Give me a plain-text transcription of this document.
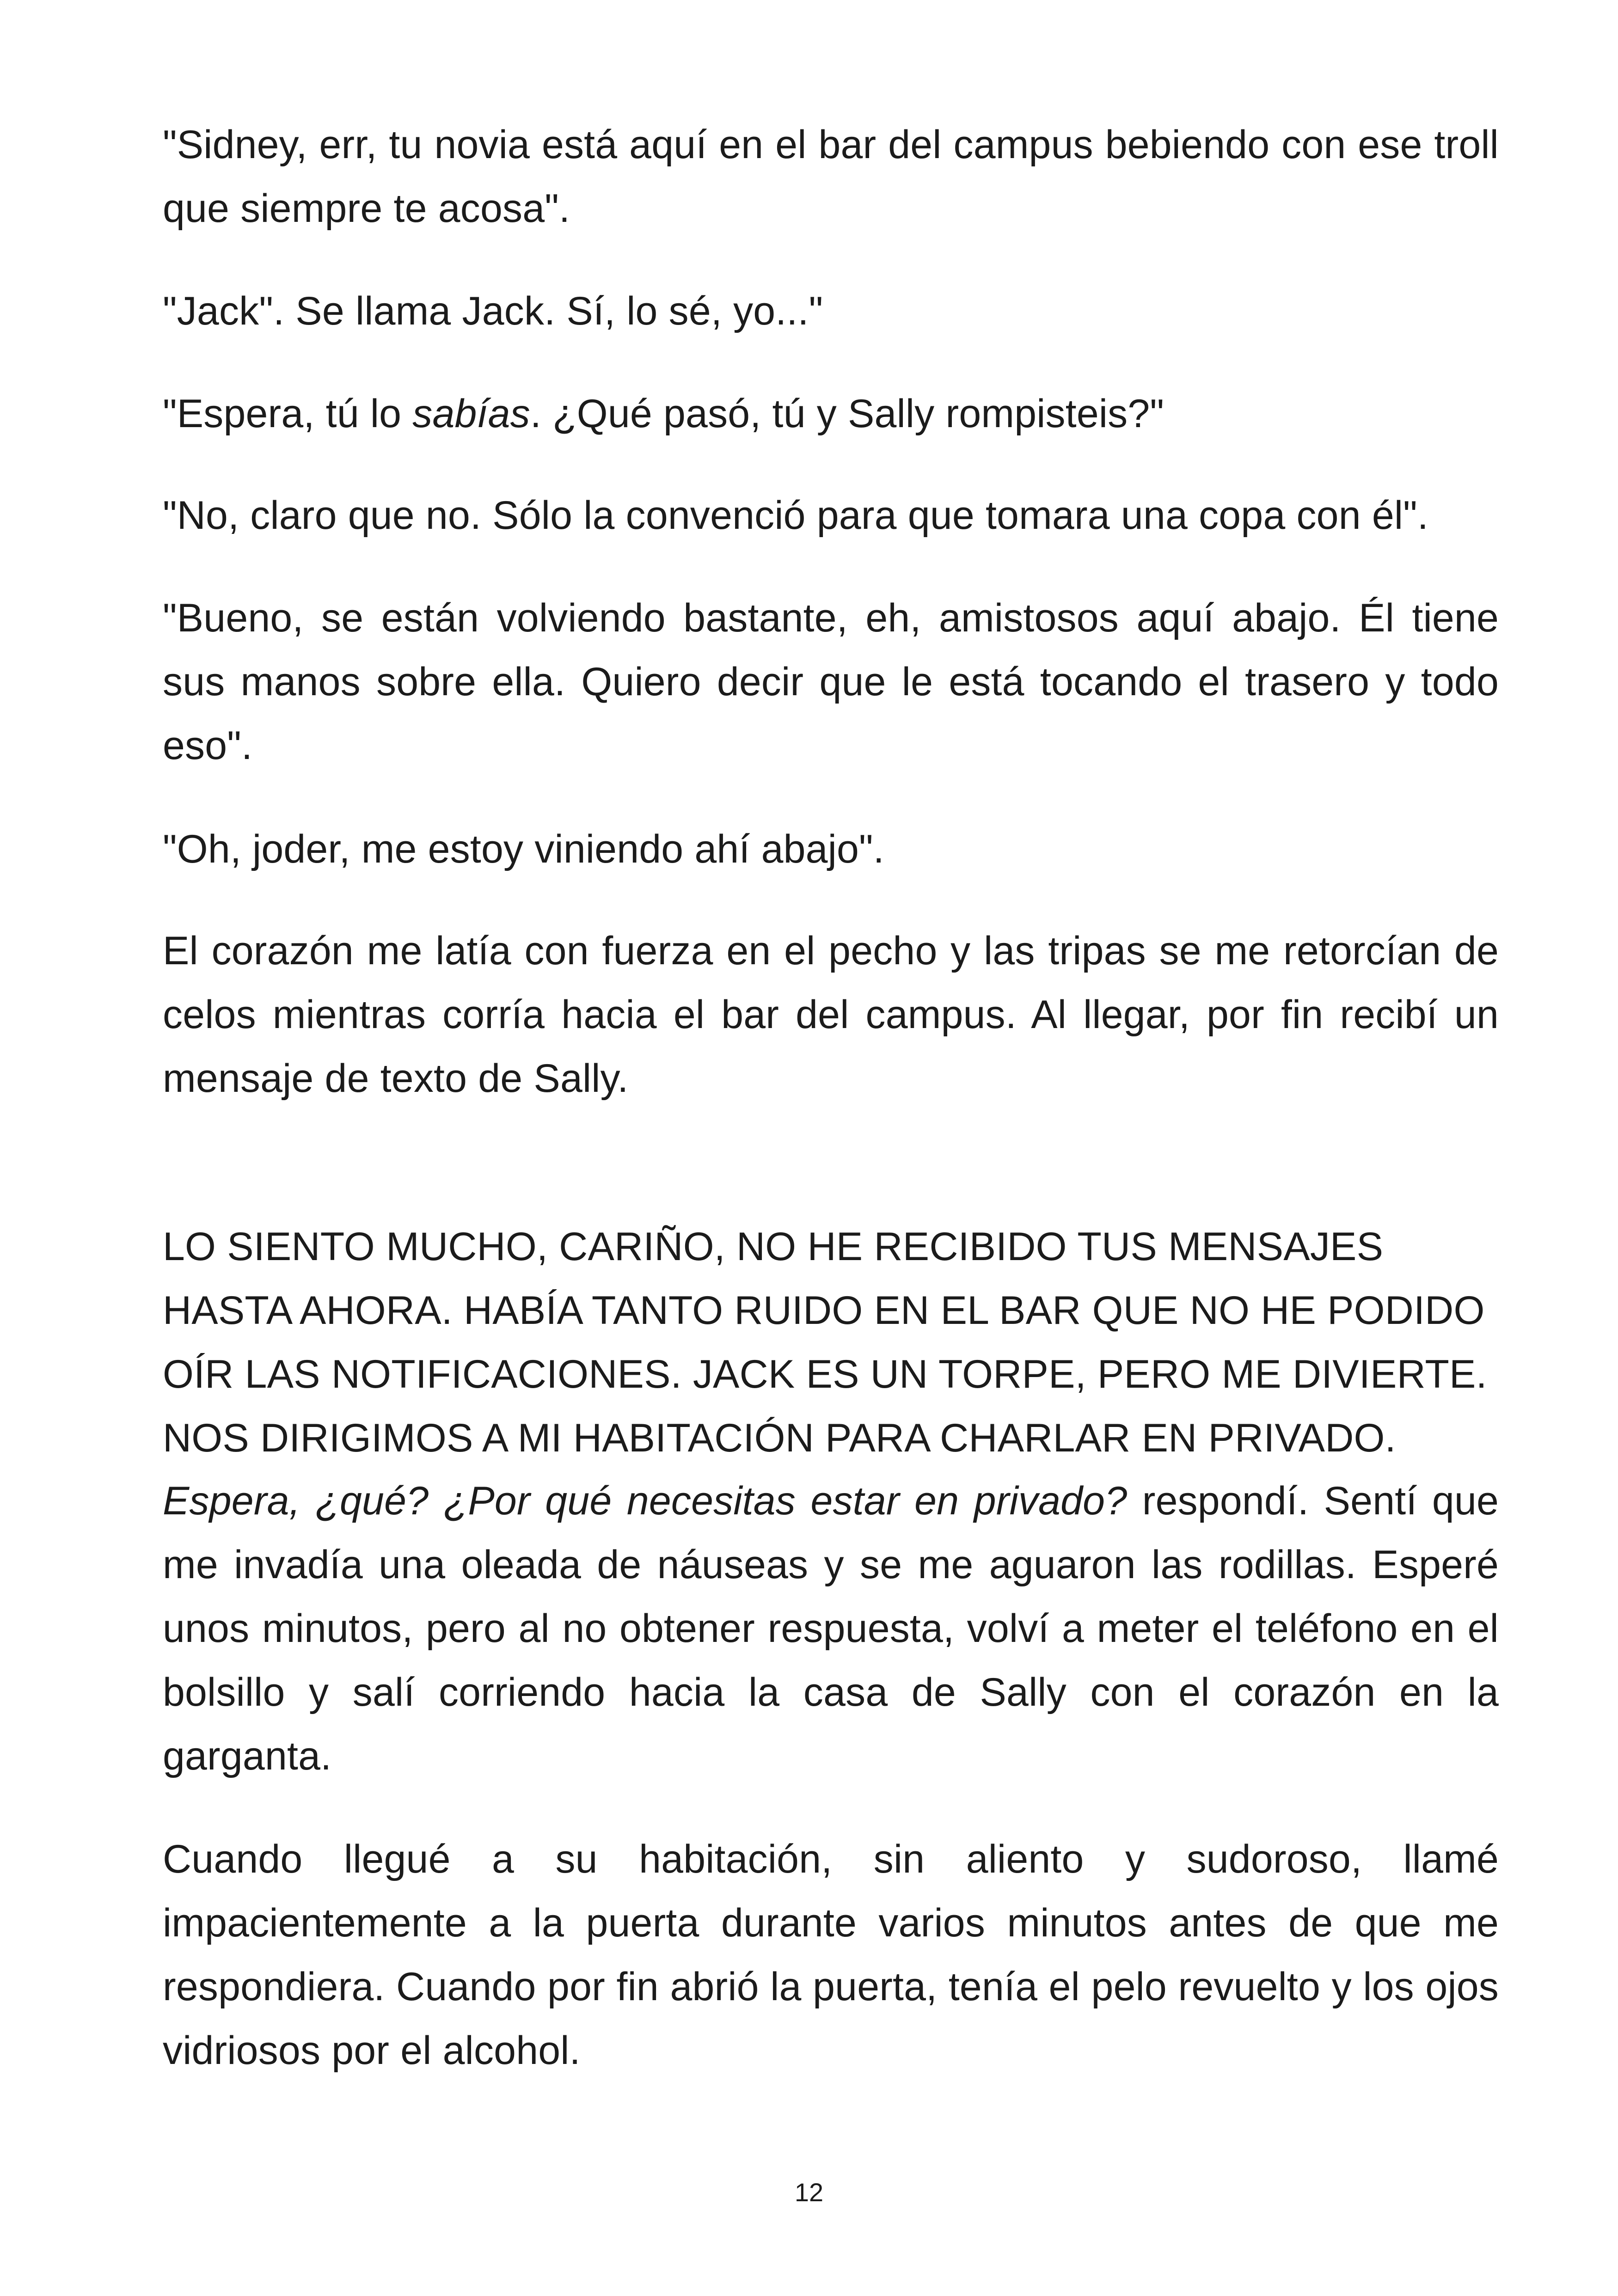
"Sidney, err, tu novia está aquí en el bar del campus bebiendo con ese troll que siempre te acosa".

"Jack". Se llama Jack. Sí, lo sé, yo..."

"Espera, tú lo sabías. ¿Qué pasó, tú y Sally rompisteis?"

"No, claro que no. Sólo la convenció para que tomara una copa con él".

"Bueno, se están volviendo bastante, eh, amistosos aquí abajo. Él tiene sus manos sobre ella. Quiero decir que le está tocando el trasero y todo eso".

"Oh, joder, me estoy viniendo ahí abajo".

El corazón me latía con fuerza en el pecho y las tripas se me retorcían de celos mientras corría hacia el bar del campus. Al llegar, por fin recibí un mensaje de texto de Sally.

LO SIENTO MUCHO, CARIÑO, NO HE RECIBIDO TUS MENSAJES HASTA AHORA. HABÍA TANTO RUIDO EN EL BAR QUE NO HE PODIDO OÍR LAS NOTIFICACIONES. JACK ES UN TORPE, PERO ME DIVIERTE. NOS DIRIGIMOS A MI HABITACIÓN PARA CHARLAR EN PRIVADO.

Espera, ¿qué? ¿Por qué necesitas estar en privado? respondí. Sentí que me invadía una oleada de náuseas y se me aguaron las rodillas. Esperé unos minutos, pero al no obtener respuesta, volví a meter el teléfono en el bolsillo y salí corriendo hacia la casa de Sally con el corazón en la garganta.

Cuando llegué a su habitación, sin aliento y sudoroso, llamé impacientemente a la puerta durante varios minutos antes de que me respondiera. Cuando por fin abrió la puerta, tenía el pelo revuelto y los ojos vidriosos por el alcohol.

12
